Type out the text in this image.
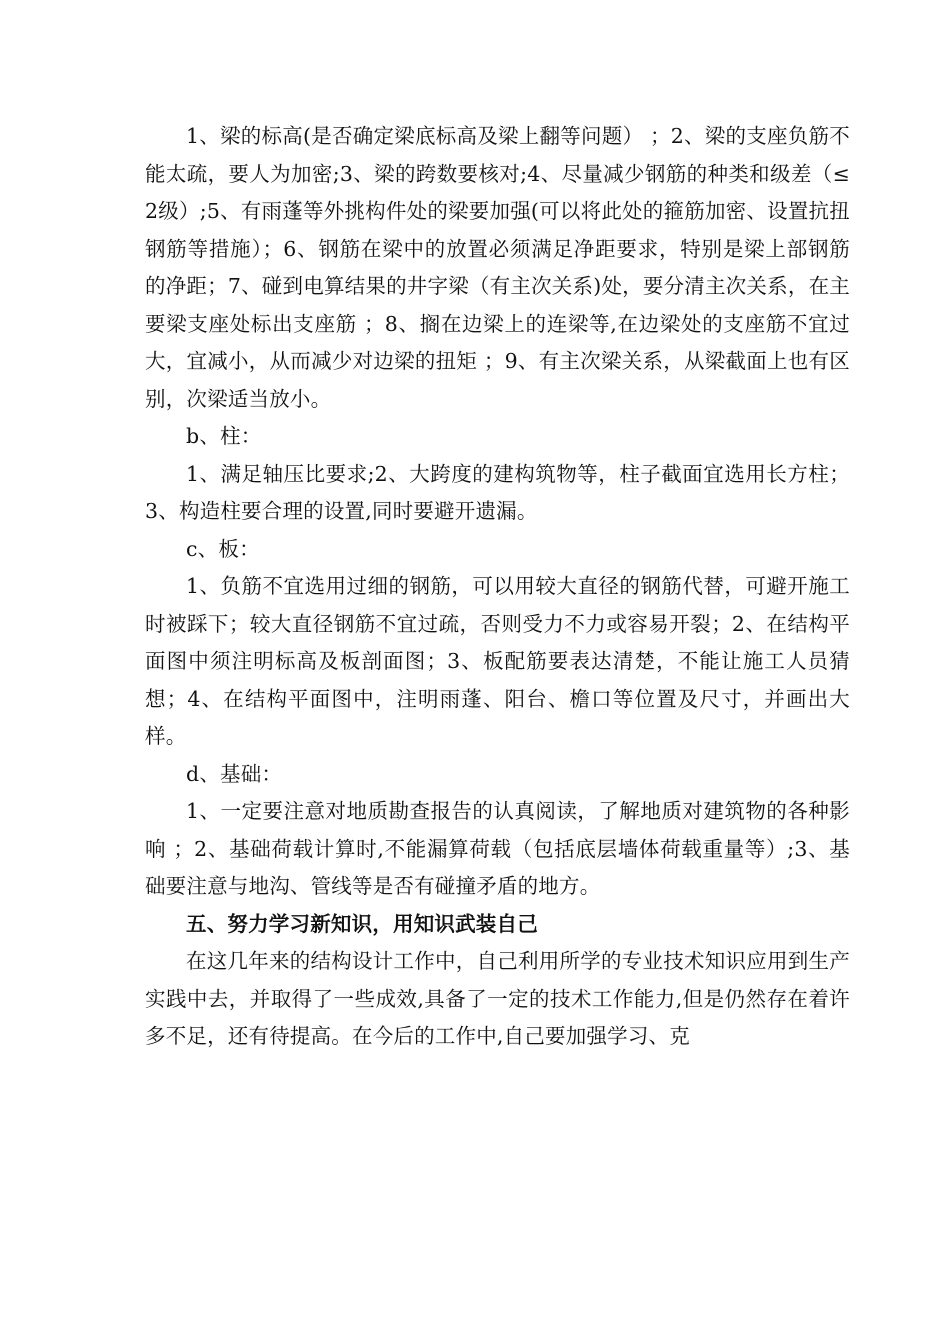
1、梁的标高(是否确定梁底标高及梁上翻等问题） ；2、梁的支座负筋不能太疏，要人为加密;3、梁的跨数要核对;4、尽量减少钢筋的种类和级差（≤2级）;5、有雨蓬等外挑构件处的梁要加强(可以将此处的箍筋加密、设置抗扭钢筋等措施）；6、钢筋在梁中的放置必须满足净距要求，特别是梁上部钢筋的净距；7、碰到电算结果的井字梁（有主次关系)处，要分清主次关系，在主要梁支座处标出支座筋 ；8、搁在边梁上的连梁等,在边梁处的支座筋不宜过大，宜减小，从而减少对边梁的扭矩 ；9、有主次梁关系，从梁截面上也有区别，次梁适当放小。

b、柱：

1、满足轴压比要求;2、大跨度的建构筑物等，柱子截面宜选用长方柱；3、构造柱要合理的设置,同时要避开遗漏。

c、板：

1、负筋不宜选用过细的钢筋，可以用较大直径的钢筋代替，可避开施工时被踩下；较大直径钢筋不宜过疏，否则受力不力或容易开裂；2、在结构平面图中须注明标高及板剖面图；3、板配筋要表达清楚，不能让施工人员猜想；4、在结构平面图中，注明雨蓬、阳台、檐口等位置及尺寸，并画出大样。

d、基础：

1、一定要注意对地质勘查报告的认真阅读，了解地质对建筑物的各种影响 ；2、基础荷载计算时,不能漏算荷载（包括底层墙体荷载重量等）;3、基础要注意与地沟、管线等是否有碰撞矛盾的地方。

五、努力学习新知识，用知识武装自己

在这几年来的结构设计工作中，自己利用所学的专业技术知识应用到生产实践中去，并取得了一些成效,具备了一定的技术工作能力,但是仍然存在着许多不足，还有待提高。在今后的工作中,自己要加强学习、克
